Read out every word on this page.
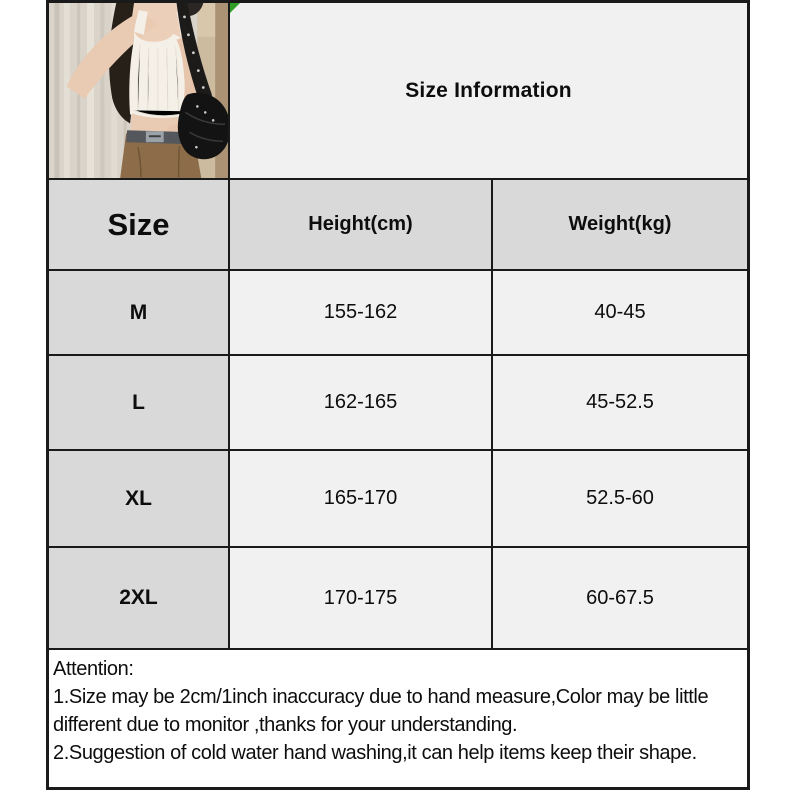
Size Information
Size	Height(cm)	Weight(kg)
M	155-162	40-45
L	162-165	45-52.5
XL	165-170	52.5-60
2XL	170-175	60-67.5
Attention:
1.Size may be 2cm/1inch inaccuracy due to hand measure,Color may be little
different due to monitor ,thanks for your understanding.
2.Suggestion of cold water hand washing,it can help items keep their shape.
